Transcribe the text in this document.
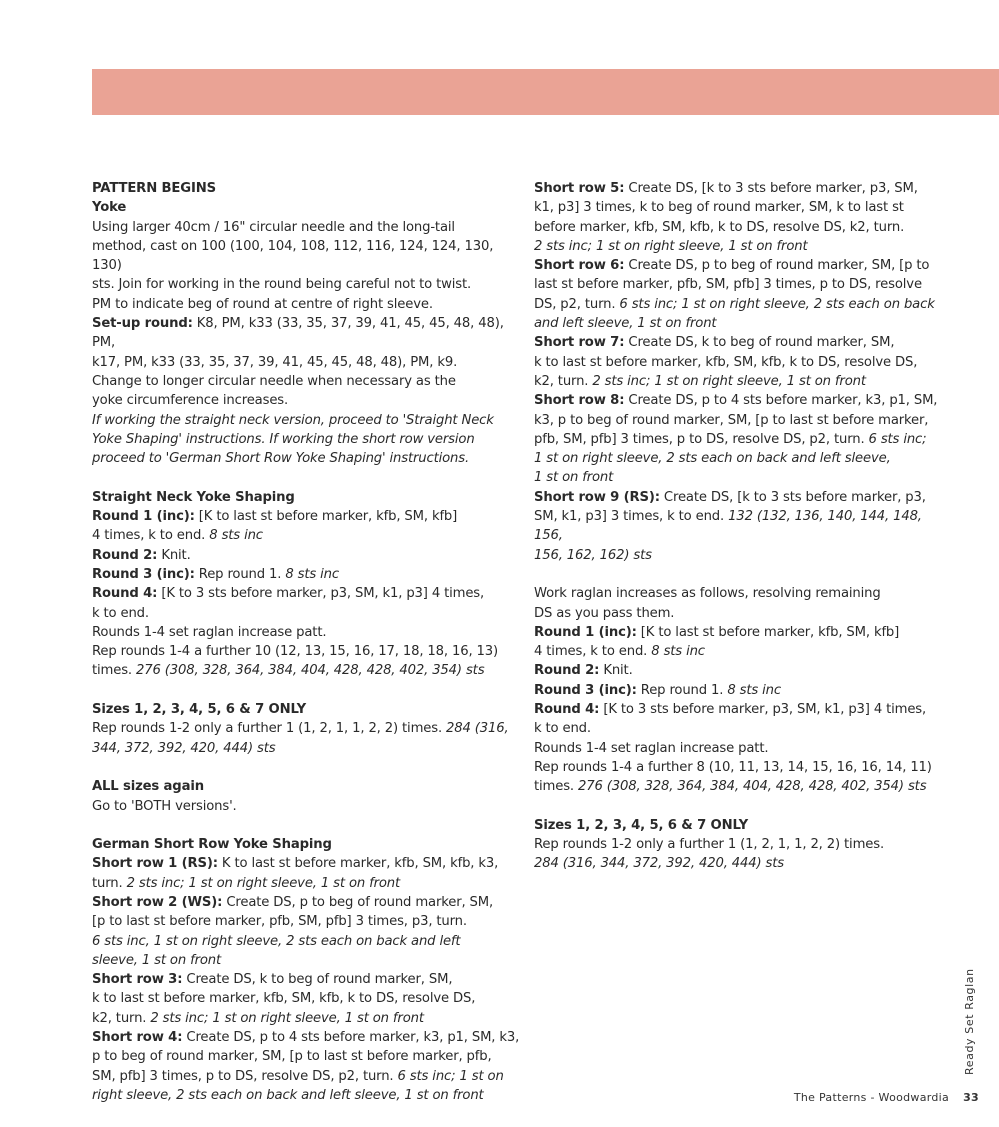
PATTERN BEGINS

Yoke

Using larger 40cm / 16" circular needle and the long-tail

method, cast on 100 (100, 104, 108, 112, 116, 124, 124, 130, 130)

sts. Join for working in the round being careful not to twist.

PM to indicate beg of round at centre of right sleeve.

Set-up round: K8, PM, k33 (33, 35, 37, 39, 41, 45, 45, 48, 48), PM,

k17, PM, k33 (33, 35, 37, 39, 41, 45, 45, 48, 48), PM, k9.

Change to longer circular needle when necessary as the

yoke circumference increases.

If working the straight neck version, proceed to 'Straight Neck

Yoke Shaping' instructions. If working the short row version

proceed to 'German Short Row Yoke Shaping' instructions.

Straight Neck Yoke Shaping

Round 1 (inc): [K to last st before marker, kfb, SM, kfb]

4 times, k to end. 8 sts inc

Round 2: Knit.

Round 3 (inc): Rep round 1. 8 sts inc

Round 4: [K to 3 sts before marker, p3, SM, k1, p3] 4 times,

k to end.

Rounds 1-4 set raglan increase patt.

Rep rounds 1-4 a further 10 (12, 13, 15, 16, 17, 18, 18, 16, 13)

times. 276 (308, 328, 364, 384, 404, 428, 428, 402, 354) sts

Sizes 1, 2, 3, 4, 5, 6 & 7 ONLY

Rep rounds 1-2 only a further 1 (1, 2, 1, 1, 2, 2) times. 284 (316,

344, 372, 392, 420, 444) sts

ALL sizes again

Go to 'BOTH versions'.

German Short Row Yoke Shaping

Short row 1 (RS): K to last st before marker, kfb, SM, kfb, k3,

turn. 2 sts inc; 1 st on right sleeve, 1 st on front

Short row 2 (WS): Create DS, p to beg of round marker, SM,

[p to last st before marker, pfb, SM, pfb] 3 times, p3, turn.

6 sts inc, 1 st on right sleeve, 2 sts each on back and left

sleeve, 1 st on front

Short row 3: Create DS, k to beg of round marker, SM,

k to last st before marker, kfb, SM, kfb, k to DS, resolve DS,

k2, turn. 2 sts inc; 1 st on right sleeve, 1 st on front

Short row 4: Create DS, p to 4 sts before marker, k3, p1, SM, k3,

p to beg of round marker, SM, [p to last st before marker, pfb,

SM, pfb] 3 times, p to DS, resolve DS, p2, turn. 6 sts inc; 1 st on

right sleeve, 2 sts each on back and left sleeve, 1 st on front

Short row 5: Create DS, [k to 3 sts before marker, p3, SM,

k1, p3] 3 times, k to beg of round marker, SM, k to last st

before marker, kfb, SM, kfb, k to DS, resolve DS, k2, turn.

2 sts inc; 1 st on right sleeve, 1 st on front

Short row 6: Create DS, p to beg of round marker, SM, [p to

last st before marker, pfb, SM, pfb] 3 times, p to DS, resolve

DS, p2, turn. 6 sts inc; 1 st on right sleeve, 2 sts each on back

and left sleeve, 1 st on front

Short row 7: Create DS, k to beg of round marker, SM,

k to last st before marker, kfb, SM, kfb, k to DS, resolve DS,

k2, turn. 2 sts inc; 1 st on right sleeve, 1 st on front

Short row 8: Create DS, p to 4 sts before marker, k3, p1, SM,

k3, p to beg of round marker, SM, [p to last st before marker,

pfb, SM, pfb] 3 times, p to DS, resolve DS, p2, turn. 6 sts inc;

1 st on right sleeve, 2 sts each on back and left sleeve,

1 st on front

Short row 9 (RS): Create DS, [k to 3 sts before marker, p3,

SM, k1, p3] 3 times, k to end. 132 (132, 136, 140, 144, 148, 156,

156, 162, 162) sts

Work raglan increases as follows, resolving remaining

DS as you pass them.

Round 1 (inc): [K to last st before marker, kfb, SM, kfb]

4 times, k to end. 8 sts inc

Round 2: Knit.

Round 3 (inc): Rep round 1. 8 sts inc

Round 4: [K to 3 sts before marker, p3, SM, k1, p3] 4 times,

k to end.

Rounds 1-4 set raglan increase patt.

Rep rounds 1-4 a further 8 (10, 11, 13, 14, 15, 16, 16, 14, 11)

times. 276 (308, 328, 364, 384, 404, 428, 428, 402, 354) sts

Sizes 1, 2, 3, 4, 5, 6 & 7 ONLY

Rep rounds 1-2 only a further 1 (1, 2, 1, 1, 2, 2) times.

284 (316, 344, 372, 392, 420, 444) sts

Ready Set Raglan
The Patterns - Woodwardia 33
